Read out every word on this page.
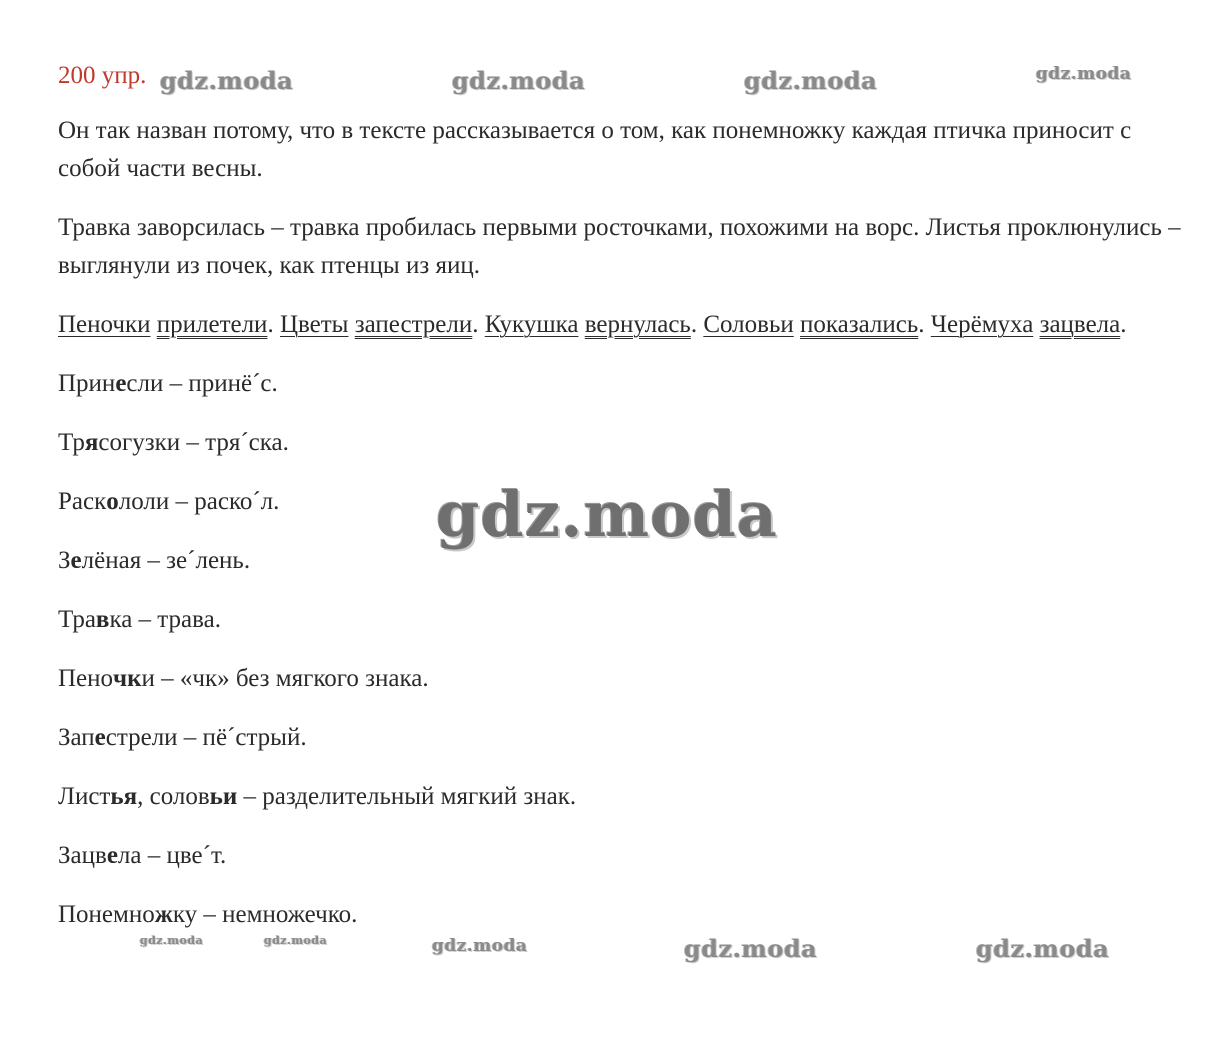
200 упр.

Он так назван потому, что в тексте рассказывается о том, как понемножку каждая птичка приносит с собой части весны.

Травка заворсилась – травка пробилась первыми росточками, похожими на ворс. Листья проклюнулись – выглянули из почек, как птенцы из яиц.

Пеночки прилетели. Цветы запестрели. Кукушка вернулась. Соловьи показались. Черёмуха зацвела.

Принесли – принё´с.
Трясогузки – тря´ска.
Раскололи – раско´л.
Зелёная – зе´лень.
Травка – трава.
Пеночки – «чк» без мягкого знака.
Запестрели – пё´стрый.
Листья, соловьи – разделительный мягкий знак.
Зацвела – цве´т.
Понемножку – немножечко.
gdz.moda	gdz.moda	gdz.moda	gdz.moda
gdz.moda
gdz.moda	gdz.moda	gdz.moda	gdz.moda	gdz.moda
